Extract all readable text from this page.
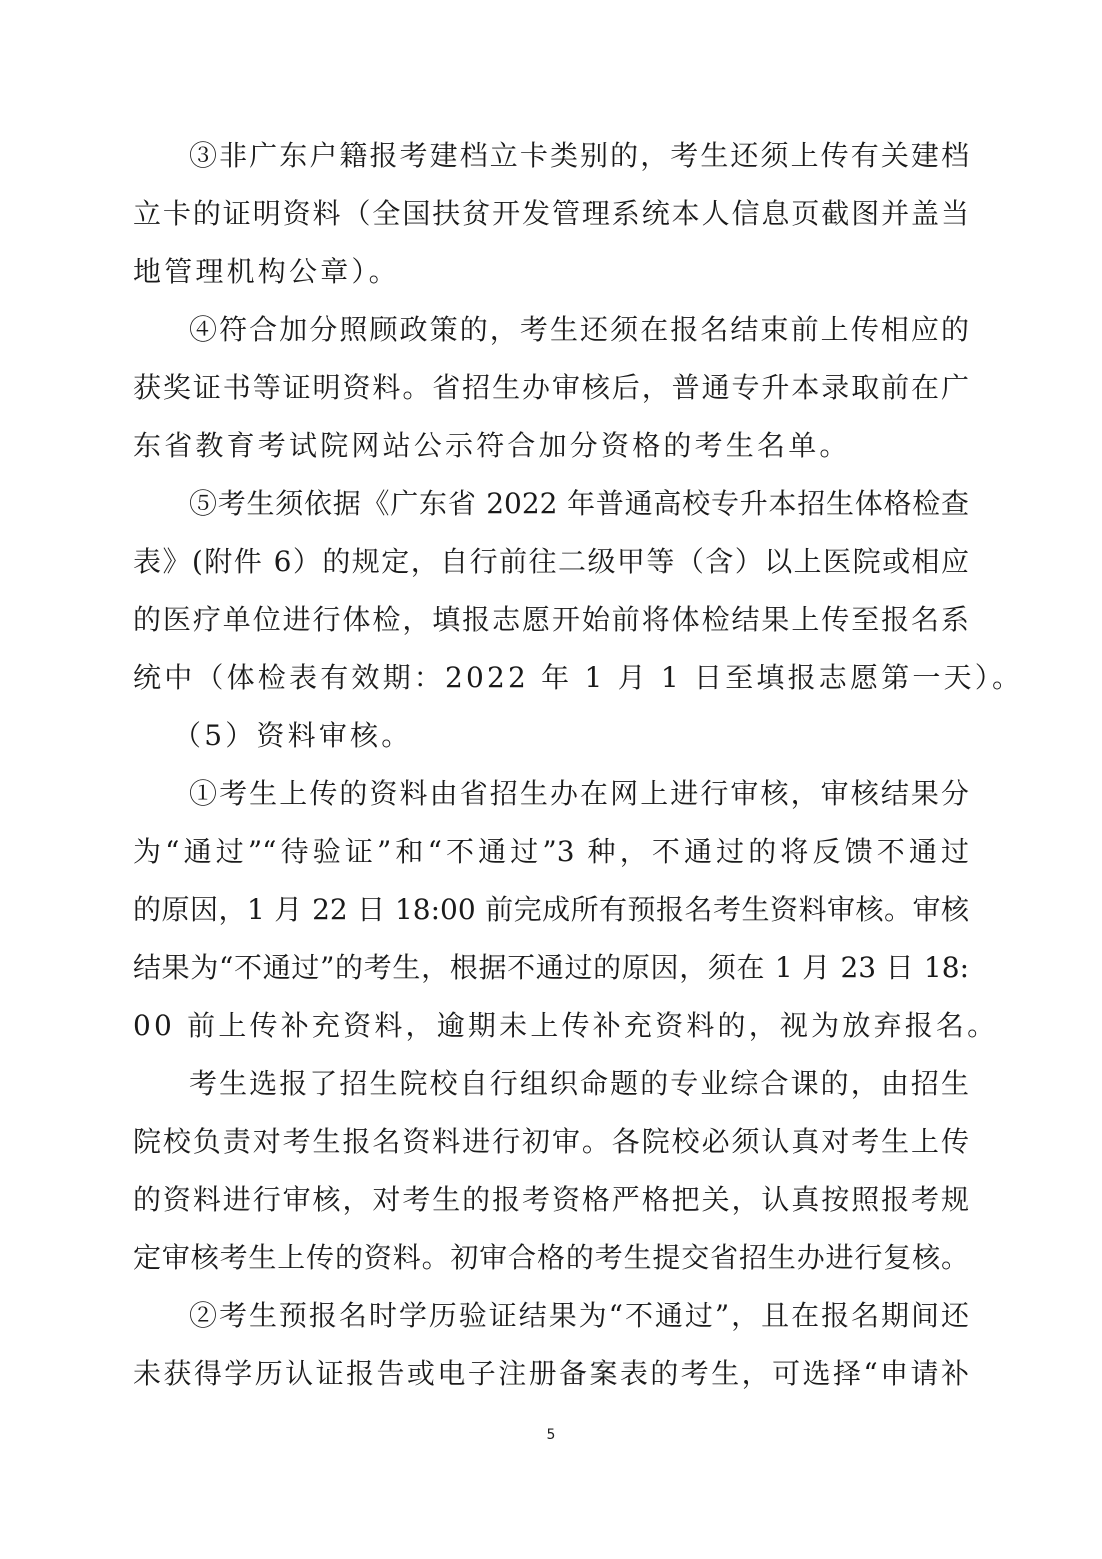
③非广东户籍报考建档立卡类别的，考生还须上传有关建档
立卡的证明资料（全国扶贫开发管理系统本人信息页截图并盖当
地管理机构公章）。
④符合加分照顾政策的，考生还须在报名结束前上传相应的
获奖证书等证明资料。省招生办审核后，普通专升本录取前在广
东省教育考试院网站公示符合加分资格的考生名单。
⑤考生须依据《广东省 2022 年普通高校专升本招生体格检查
表》(附件 6）的规定，自行前往二级甲等（含）以上医院或相应
的医疗单位进行体检，填报志愿开始前将体检结果上传至报名系
统中（体检表有效期：2022 年 1 月 1 日至填报志愿第一天）。
（5）资料审核。
①考生上传的资料由省招生办在网上进行审核，审核结果分
为“通过”“待验证”和“不通过”3 种，不通过的将反馈不通过
的原因，1 月 22 日 18:00 前完成所有预报名考生资料审核。审核
结果为“不通过”的考生，根据不通过的原因，须在 1 月 23 日 18:
00 前上传补充资料，逾期未上传补充资料的，视为放弃报名。
考生选报了招生院校自行组织命题的专业综合课的，由招生
院校负责对考生报名资料进行初审。各院校必须认真对考生上传
的资料进行审核，对考生的报考资格严格把关，认真按照报考规
定审核考生上传的资料。初审合格的考生提交省招生办进行复核。
②考生预报名时学历验证结果为“不通过”，且在报名期间还
未获得学历认证报告或电子注册备案表的考生，可选择“申请补
5
